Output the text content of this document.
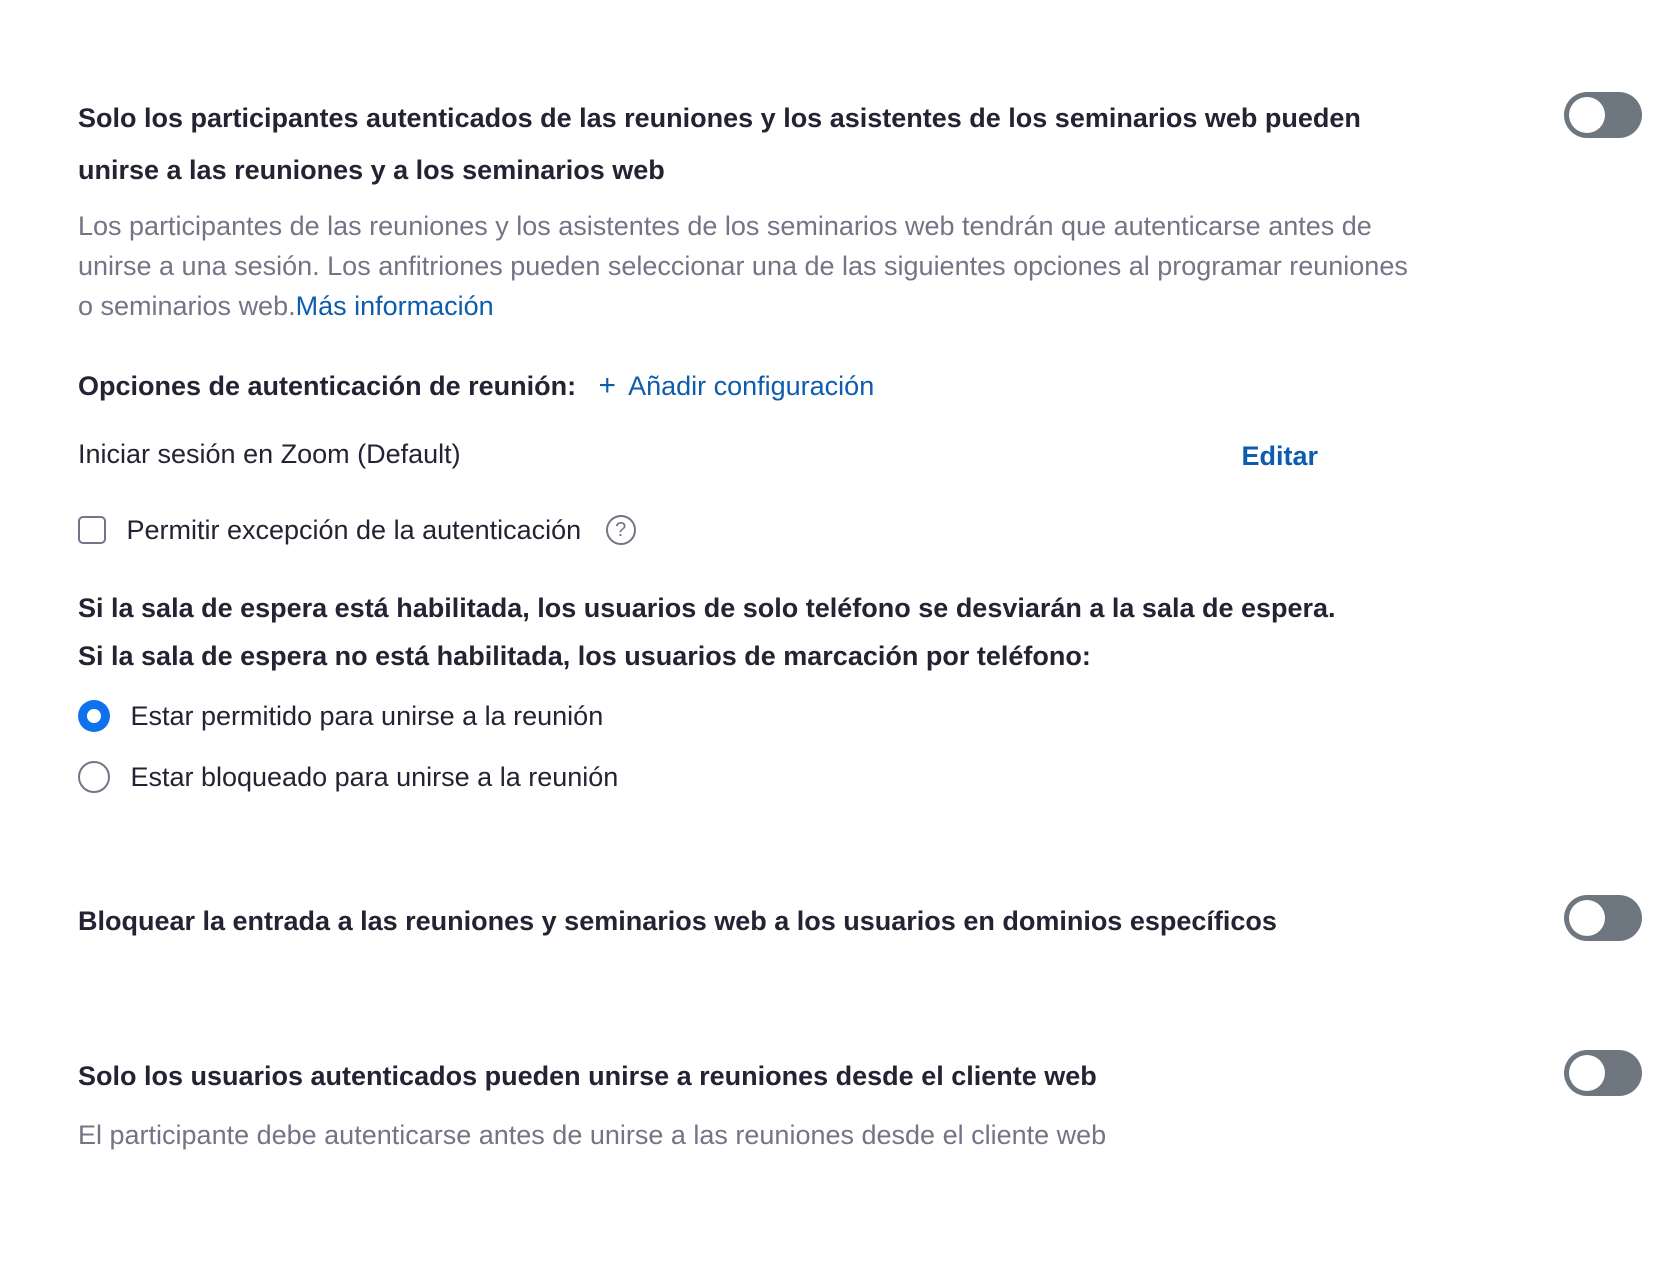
Solo los participantes autenticados de las reuniones y los asistentes de los seminarios web pueden unirse a las reuniones y a los seminarios web

Los participantes de las reuniones y los asistentes de los seminarios web tendrán que autenticarse antes de unirse a una sesión. Los anfitriones pueden seleccionar una de las siguientes opciones al programar reuniones o seminarios web.Más información

Opciones de autenticación de reunión: + Añadir configuración
Iniciar sesión en Zoom (Default)	Editar
Permitir excepción de la autenticación ?
Si la sala de espera está habilitada, los usuarios de solo teléfono se desviarán a la sala de espera.
Si la sala de espera no está habilitada, los usuarios de marcación por teléfono:
Estar permitido para unirse a la reunión
Estar bloqueado para unirse a la reunión

Bloquear la entrada a las reuniones y seminarios web a los usuarios en dominios específicos

Solo los usuarios autenticados pueden unirse a reuniones desde el cliente web

El participante debe autenticarse antes de unirse a las reuniones desde el cliente web
